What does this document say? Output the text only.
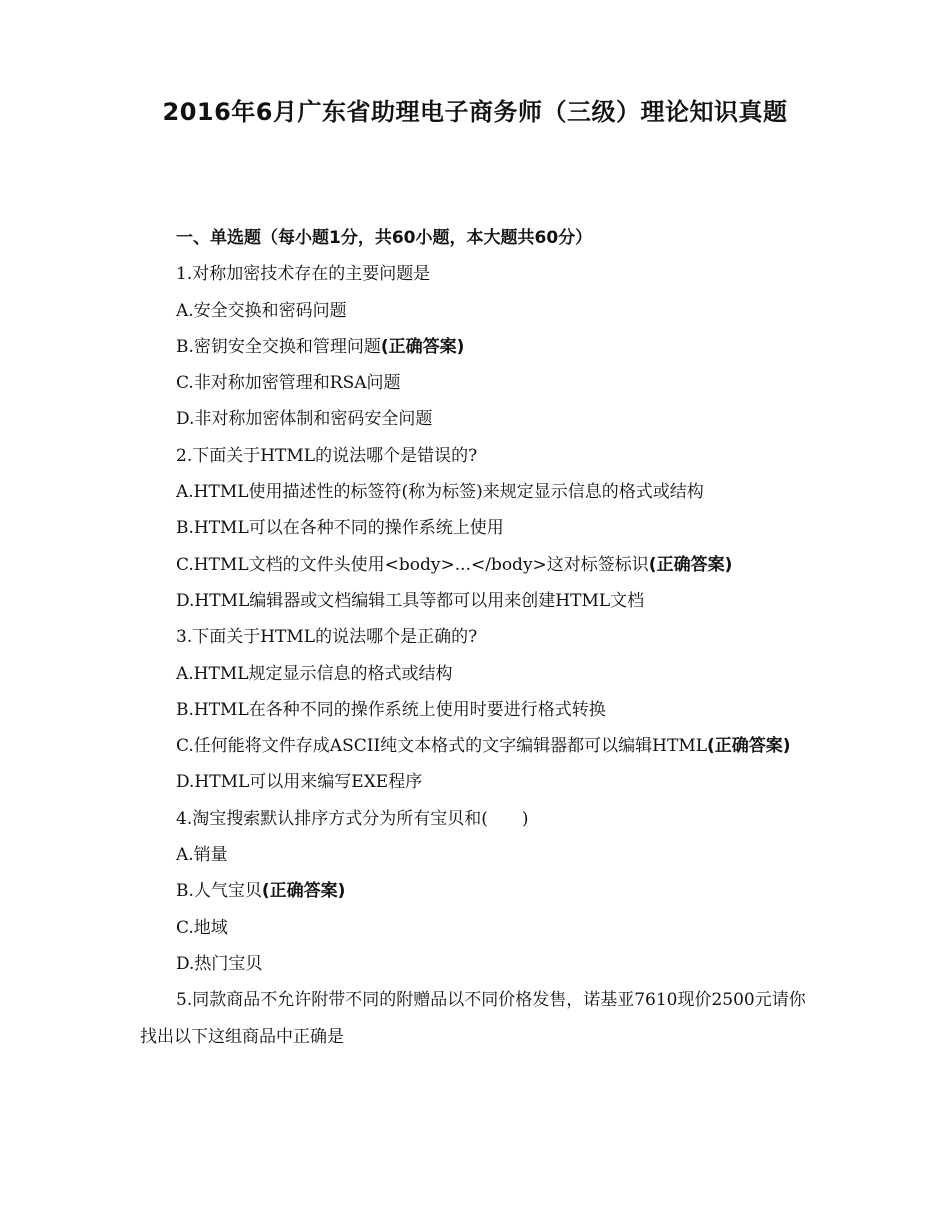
2016年6月广东省助理电子商务师（三级）理论知识真题
一、单选题（每小题1分，共60小题，本大题共60分）
1.对称加密技术存在的主要问题是
A.安全交换和密码问题
B.密钥安全交换和管理问题(正确答案)
C.非对称加密管理和RSA问题
D.非对称加密体制和密码安全问题
2.下面关于HTML的说法哪个是错误的?
A.HTML使用描述性的标签符(称为标签)来规定显示信息的格式或结构
B.HTML可以在各种不同的操作系统上使用
C.HTML文档的文件头使用<body>...</body>这对标签标识(正确答案)
D.HTML编辑器或文档编辑工具等都可以用来创建HTML文档
3.下面关于HTML的说法哪个是正确的?
A.HTML规定显示信息的格式或结构
B.HTML在各种不同的操作系统上使用时要进行格式转换
C.任何能将文件存成ASCII纯文本格式的文字编辑器都可以编辑HTML(正确答案)
D.HTML可以用来编写EXE程序
4.淘宝搜索默认排序方式分为所有宝贝和(　　)
A.销量
B.人气宝贝(正确答案)
C.地域
D.热门宝贝
5.同款商品不允许附带不同的附赠品以不同价格发售，诺基亚7610现价2500元请你找出以下这组商品中正确是
